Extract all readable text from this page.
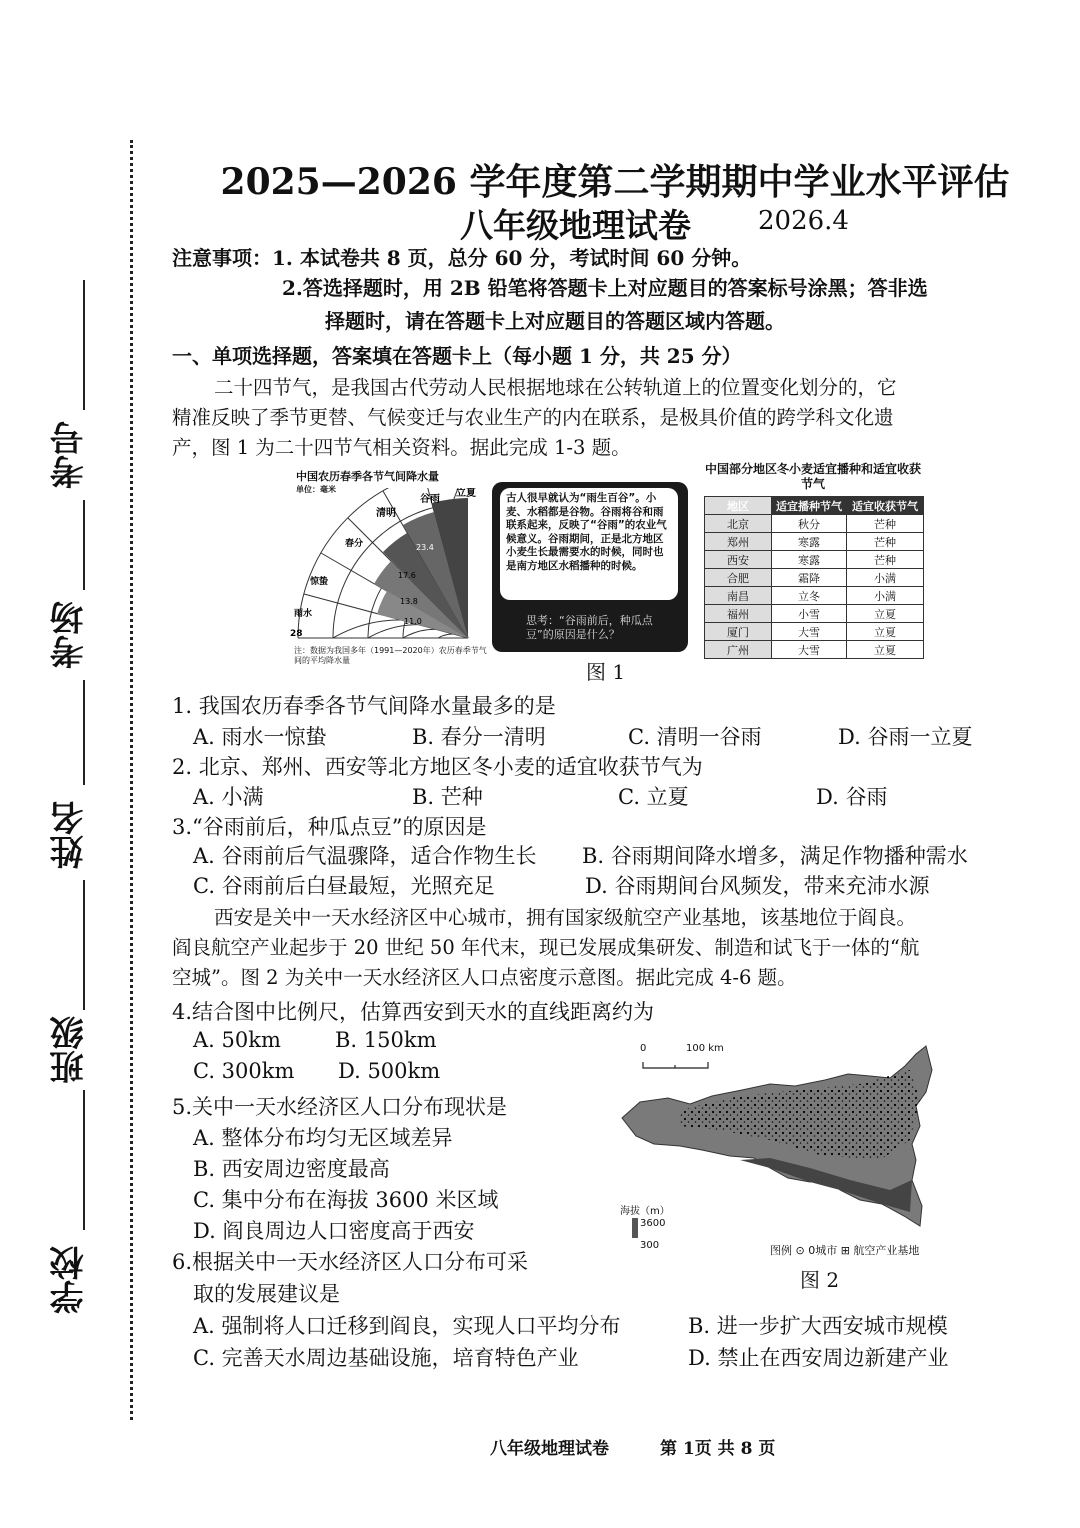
考号
考场
姓名
班级
学校
2025—2026 学年度第二学期期中学业水平评估
八年级地理试卷	2026.4
注意事项： 1. 本试卷共 8 页，总分 60 分，考试时间 60 分钟。
2.答选择题时，用 2B 铅笔将答题卡上对应题目的答案标号涂黑；答非选
择题时，请在答题卡上对应题目的答题区域内答题。
一、单项选择题，答案填在答题卡上（每小题 1 分，共 25 分）
二十四节气，是我国古代劳动人民根据地球在公转轨道上的位置变化划分的，它
精准反映了季节更替、气候变迁与农业生产的内在联系，是极具价值的跨学科文化遗
产，图 1 为二十四节气相关资料。据此完成 1-3 题。
中国农历春季各节气间降水量
单位：毫米	立夏
谷雨
清明
春分
惊蛰
雨水
23.4
17.6
13.8
11.0
28
注：数据为我国多年（1991—2020年）农历春季节气间的平均降水量
古人很早就认为“雨生百谷”。小麦、水稻都是谷物。谷雨将谷和雨联系起来，反映了“谷雨”的农业气候意义。谷雨期间，正是北方地区小麦生长最需要水的时候，同时也是南方地区水稻播种的时候。
思考：“谷雨前后，种瓜点豆”的原因是什么？
图 1
中国部分地区冬小麦适宜播种和适宜收获节气
地区	适宜播种节气	适宜收获节气
北京	秋分	芒种
郑州	寒露	芒种
西安	寒露	芒种
合肥	霜降	小满
南昌	立冬	小满
福州	小雪	立夏
厦门	大雪	立夏
广州	大雪	立夏
1. 我国农历春季各节气间降水量最多的是
A. 雨水一惊蛰	B. 春分一清明	C. 清明一谷雨	D. 谷雨一立夏
2. 北京、郑州、西安等北方地区冬小麦的适宜收获节气为
A. 小满	B. 芒种	C. 立夏	D. 谷雨
3.“谷雨前后，种瓜点豆”的原因是
A. 谷雨前后气温骤降，适合作物生长 B. 谷雨期间降水增多，满足作物播种需水
C. 谷雨前后白昼最短，光照充足	D. 谷雨期间台风频发，带来充沛水源
西安是关中一天水经济区中心城市，拥有国家级航空产业基地，该基地位于阎良。
阎良航空产业起步于 20 世纪 50 年代末，现已发展成集研发、制造和试飞于一体的“航
空城”。图 2 为关中一天水经济区人口点密度示意图。据此完成 4-6 题。
4.结合图中比例尺，估算西安到天水的直线距离约为
A. 50km	B. 150km
C. 300km D. 500km
5.关中一天水经济区人口分布现状是
A. 整体分布均匀无区域差异
B. 西安周边密度最高
C. 集中分布在海拔 3600 米区域
D. 阎良周边人口密度高于西安
6.根据关中一天水经济区人口分布可采
取的发展建议是
A. 强制将人口迁移到阎良，实现人口平均分布	B. 进一步扩大西安城市规模
C. 完善天水周边基础设施，培育特色产业	D. 禁止在西安周边新建产业
0	100 km
海拔（m）
3600
300	图例 ⊙ 0城市 ⊞ 航空产业基地
图 2
八年级地理试卷	第 1页 共 8 页
